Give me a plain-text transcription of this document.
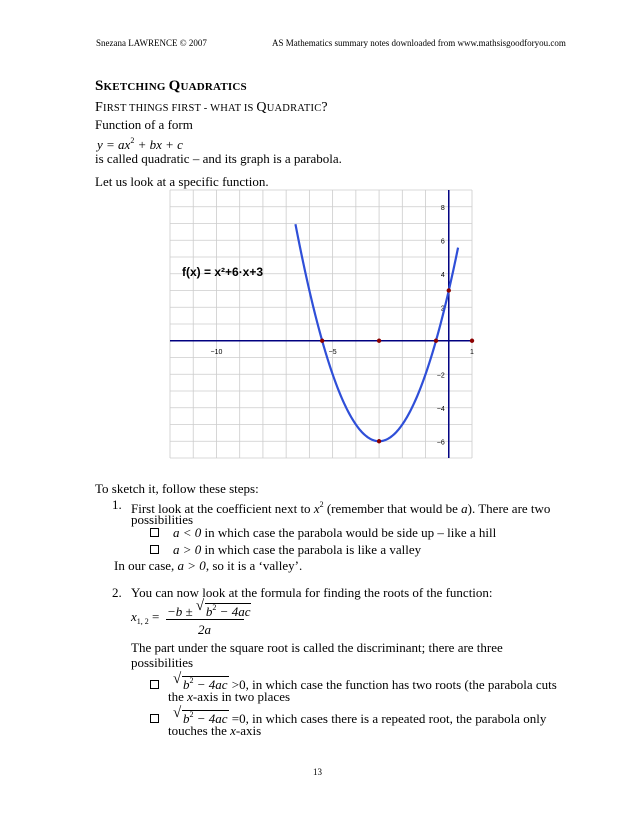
Snezana LAWRENCE © 2007	AS Mathematics summary notes downloaded from www.mathsisgoodforyou.com
SKETCHING QUADRATICS
FIRST THINGS FIRST - WHAT IS QUADRATIC?
Function of a form
$y = ax^2$ + bx + c
is called quadratic – and its graph is a parabola.
Let us look at a specific function.
−10	−5	1
8
6
4
2
−2
−4
−6
f(x) = x²+6·x+3
To sketch it, follow these steps:
1. First look at the coefficient next to $x^2$ (remember that would be a). There are two
possibilities
a < 0 in which case the parabola would be side up – like a hill
a > 0 in which case the parabola is like a valley
In our case, a > 0, so it is a ‘valley’.
2. You can now look at the formula for finding the roots of the function:
$x_{1, 2} = -b$ ± √ $b^2 - 4ac$
2a
The part under the square root is called the discriminant; there are three
possibilities
√ $b^2 - 4ac >0$, in which case the function has two roots (the parabola cuts
the x-axis in two places
√ $b^2 - 4ac =0$, in which cases there is a repeated root, the parabola only
touches the x-axis
13
